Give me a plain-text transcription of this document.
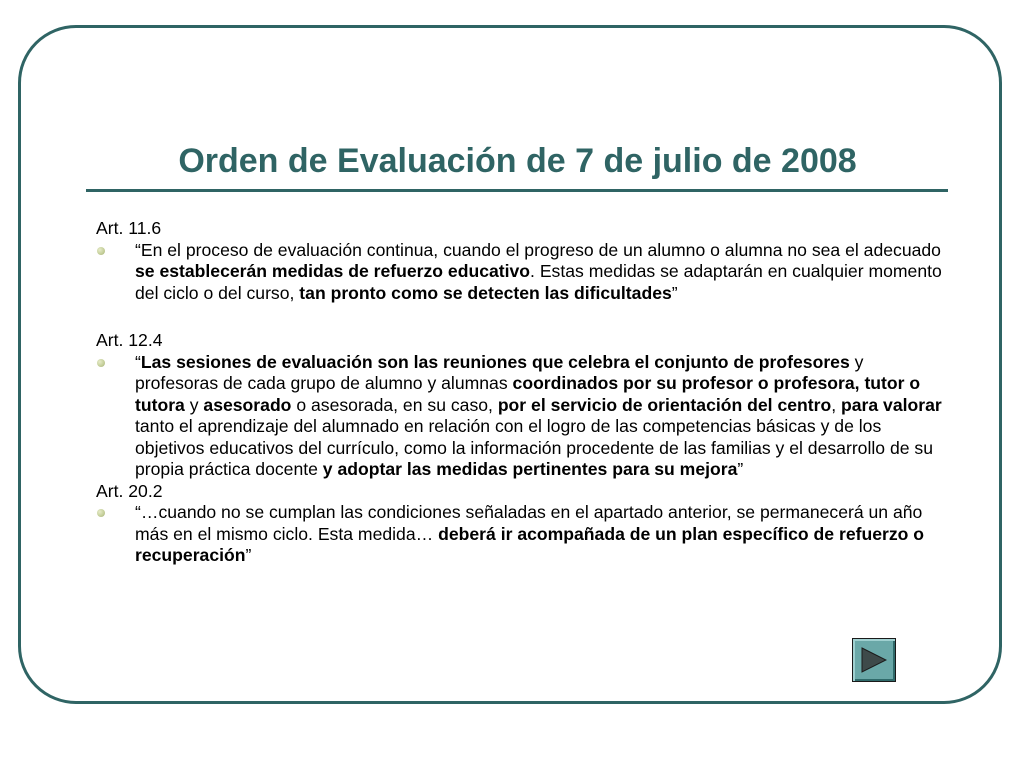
Orden de Evaluación de 7 de julio de 2008

Art. 11.6

“En el proceso de evaluación continua, cuando el progreso de un alumno o alumna no sea el adecuado se establecerán medidas de refuerzo educativo. Estas medidas se adaptarán en cualquier momento del ciclo o del curso, tan pronto como se detecten las dificultades”

Art. 12.4

“Las sesiones de evaluación son las reuniones que celebra el conjunto de profesores y profesoras de cada grupo de alumno y alumnas coordinados por su profesor o profesora, tutor o tutora y asesorado o asesorada, en su caso, por el servicio de orientación del centro, para valorar tanto el aprendizaje del alumnado en relación con el logro de las competencias básicas y de los objetivos educativos del currículo, como la información procedente de las familias y el desarrollo de su propia práctica docente y adoptar las medidas pertinentes para su mejora”

Art. 20.2

“…cuando no se cumplan las condiciones señaladas en el apartado anterior, se permanecerá un año más en el mismo ciclo. Esta medida… deberá ir acompañada de un plan específico de refuerzo o recuperación”
